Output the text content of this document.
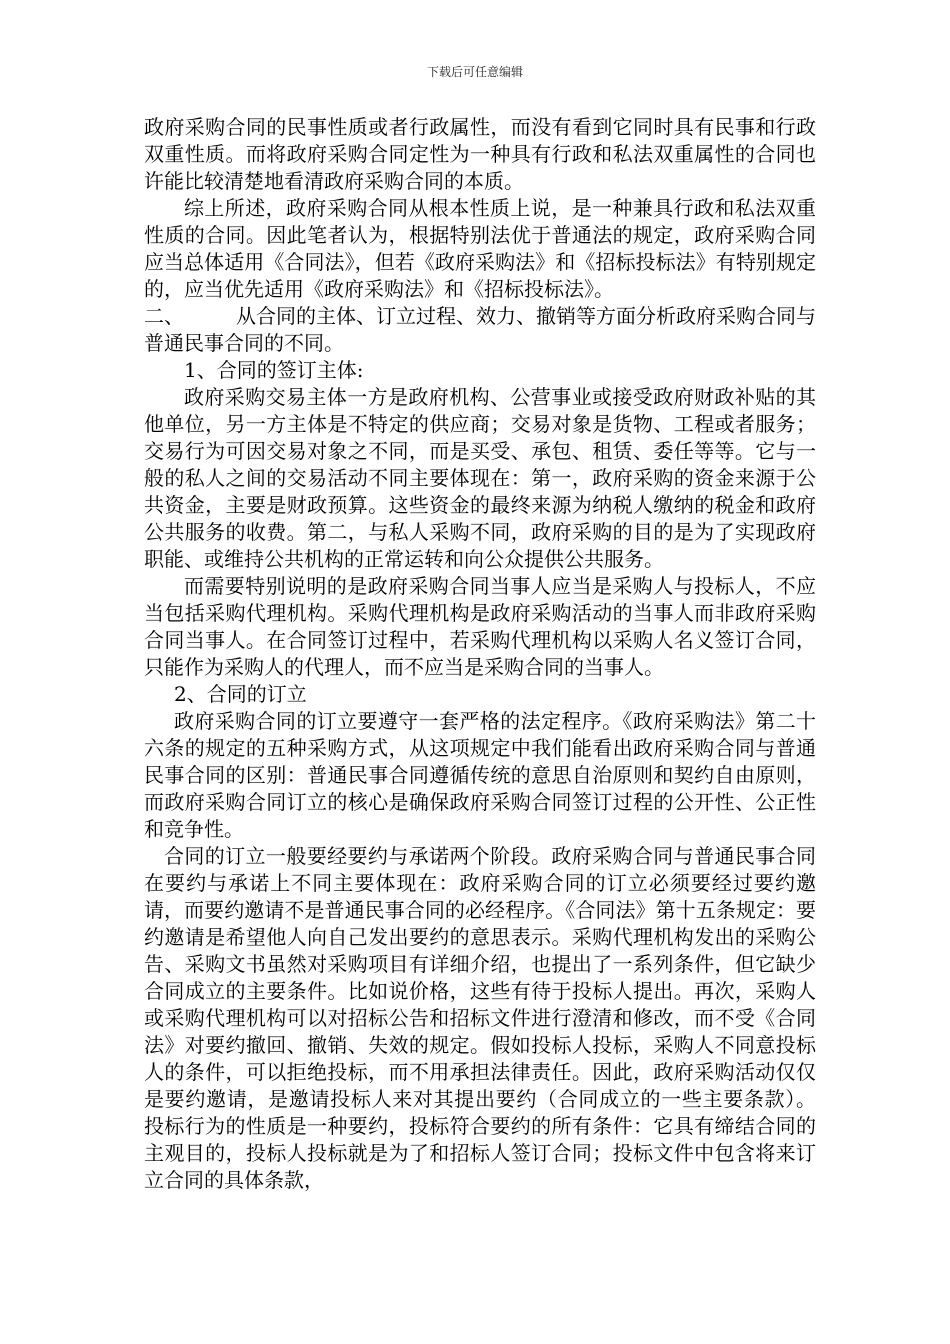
下载后可任意编辑

政府采购合同的民事性质或者行政属性，而没有看到它同时具有民事和行政双重性质。而将政府采购合同定性为一种具有行政和私法双重属性的合同也许能比较清楚地看清政府采购合同的本质。

综上所述，政府采购合同从根本性质上说，是一种兼具行政和私法双重性质的合同。因此笔者认为，根据特别法优于普通法的规定，政府采购合同应当总体适用《合同法》，但若《政府采购法》和《招标投标法》有特别规定的，应当优先适用《政府采购法》和《招标投标法》。

二、	从合同的主体、订立过程、效力、撤销等方面分析政府采购合同与普通民事合同的不同。

1、合同的签订主体:

政府采购交易主体一方是政府机构、公营事业或接受政府财政补贴的其他单位，另一方主体是不特定的供应商；交易对象是货物、工程或者服务；交易行为可因交易对象之不同，而是买受、承包、租赁、委任等等。它与一般的私人之间的交易活动不同主要体现在：第一，政府采购的资金来源于公共资金，主要是财政预算。这些资金的最终来源为纳税人缴纳的税金和政府公共服务的收费。第二，与私人采购不同，政府采购的目的是为了实现政府职能、或维持公共机构的正常运转和向公众提供公共服务。

而需要特别说明的是政府采购合同当事人应当是采购人与投标人，不应当包括采购代理机构。采购代理机构是政府采购活动的当事人而非政府采购合同当事人。在合同签订过程中，若采购代理机构以采购人名义签订合同，只能作为采购人的代理人，而不应当是采购合同的当事人。

2、合同的订立

政府采购合同的订立要遵守一套严格的法定程序。《政府采购法》第二十六条的规定的五种采购方式，从这项规定中我们能看出政府采购合同与普通民事合同的区别：普通民事合同遵循传统的意思自治原则和契约自由原则，而政府采购合同订立的核心是确保政府采购合同签订过程的公开性、公正性和竞争性。

合同的订立一般要经要约与承诺两个阶段。政府采购合同与普通民事合同在要约与承诺上不同主要体现在：政府采购合同的订立必须要经过要约邀请，而要约邀请不是普通民事合同的必经程序。《合同法》第十五条规定：要约邀请是希望他人向自己发出要约的意思表示。采购代理机构发出的采购公告、采购文书虽然对采购项目有详细介绍，也提出了一系列条件，但它缺少合同成立的主要条件。比如说价格，这些有待于投标人提出。再次，采购人或采购代理机构可以对招标公告和招标文件进行澄清和修改，而不受《合同法》对要约撤回、撤销、失效的规定。假如投标人投标，采购人不同意投标人的条件，可以拒绝投标，而不用承担法律责任。因此，政府采购活动仅仅是要约邀请，是邀请投标人来对其提出要约（合同成立的一些主要条款）。 投标行为的性质是一种要约，投标符合要约的所有条件：它具有缔结合同的主观目的，投标人投标就是为了和招标人签订合同；投标文件中包含将来订立合同的具体条款，
